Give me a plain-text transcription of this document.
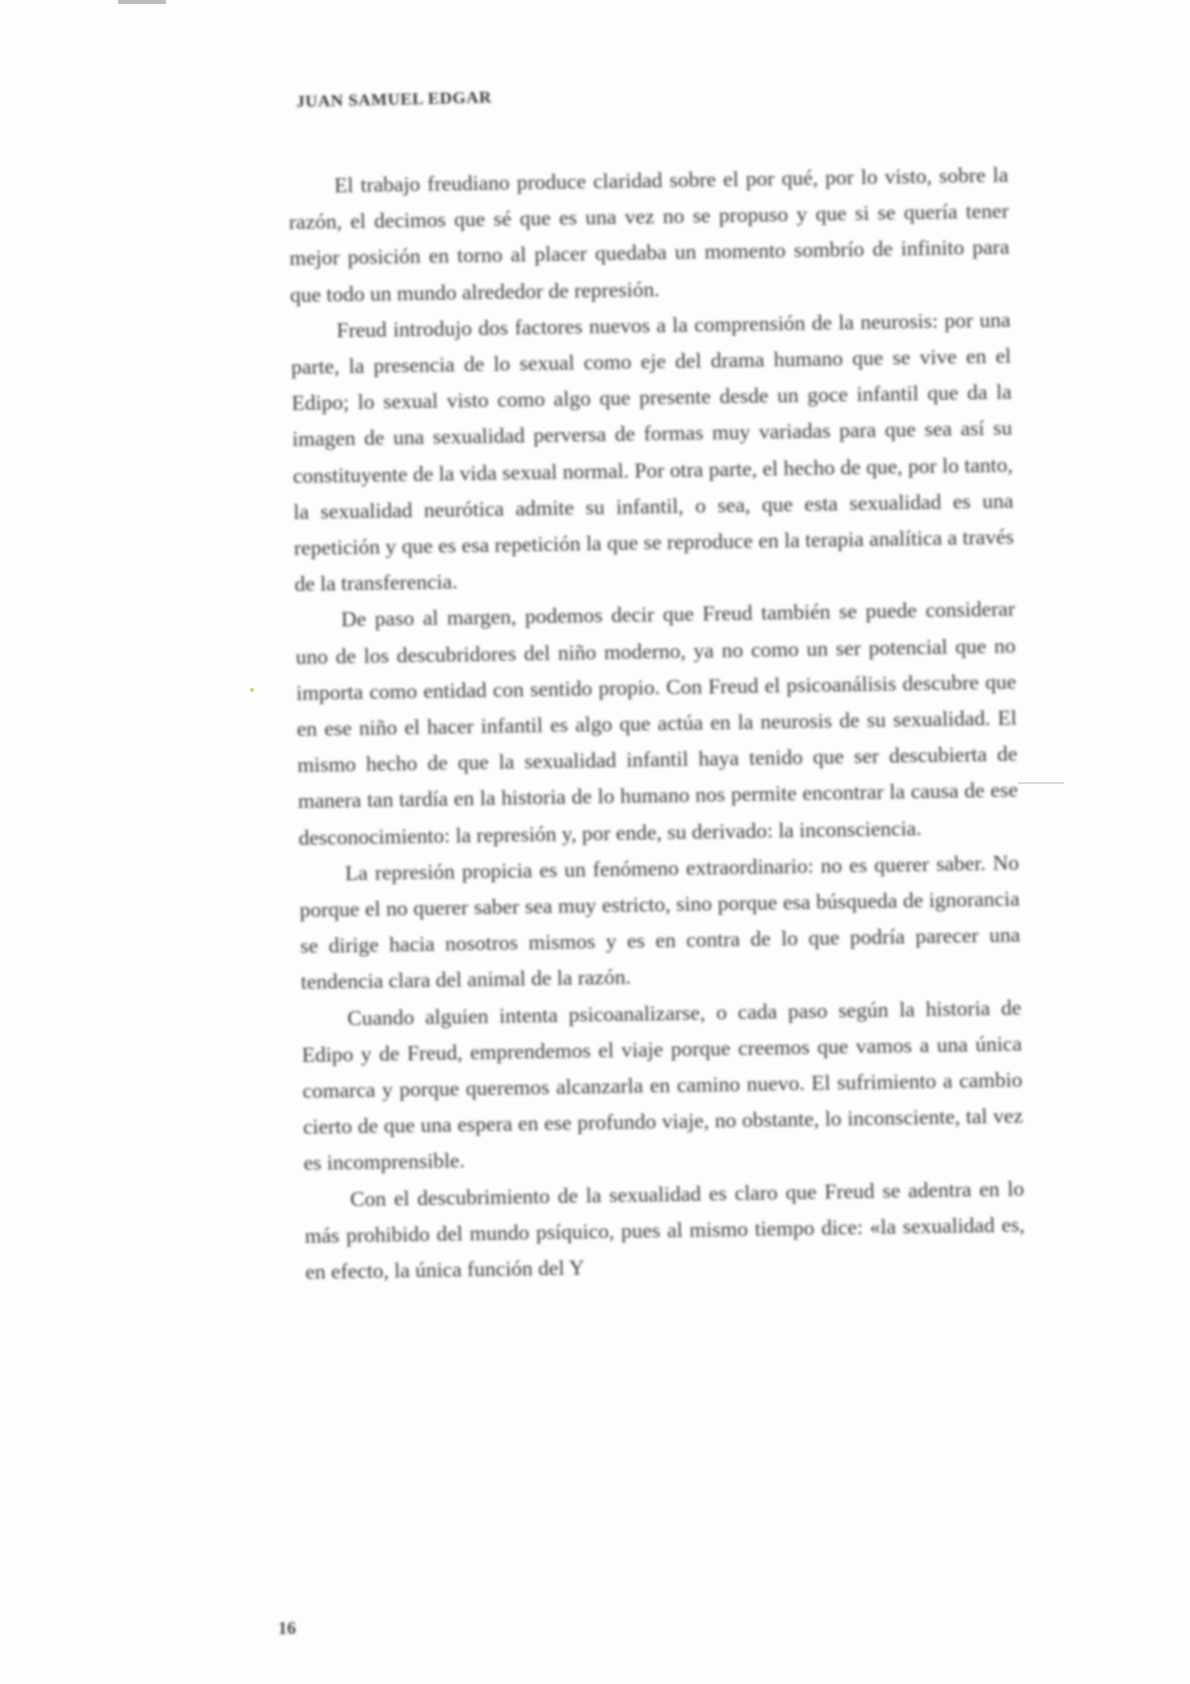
JUAN SAMUEL EDGAR

El trabajo freudiano produce claridad sobre el por qué, por lo visto, sobre la razón, el decimos que sé que es una vez no se propuso y que si se quería tener mejor posición en torno al placer quedaba un momento sombrío de infinito para que todo un mundo alrededor de represión.

Freud introdujo dos factores nuevos a la comprensión de la neurosis: por una parte, la presencia de lo sexual como eje del drama humano que se vive en el Edipo; lo sexual visto como algo que presente desde un goce infantil que da la imagen de una sexualidad perversa de formas muy variadas para que sea así su constituyente de la vida sexual normal. Por otra parte, el hecho de que, por lo tanto, la sexualidad neurótica admite su infantil, o sea, que esta sexualidad es una repetición y que es esa repetición la que se reproduce en la terapia analítica a través de la transferencia.

De paso al margen, podemos decir que Freud también se puede considerar uno de los descubridores del niño moderno, ya no como un ser potencial que no importa como entidad con sentido propio. Con Freud el psicoanálisis descubre que en ese niño el hacer infantil es algo que actúa en la neurosis de su sexualidad. El mismo hecho de que la sexualidad infantil haya tenido que ser descubierta de manera tan tardía en la historia de lo humano nos permite encontrar la causa de ese desconocimiento: la represión y, por ende, su derivado: la inconsciencia.

La represión propicia es un fenómeno extraordinario: no es querer saber. No porque el no querer saber sea muy estricto, sino porque esa búsqueda de ignorancia se dirige hacia nosotros mismos y es en contra de lo que podría parecer una tendencia clara del animal de la razón.

Cuando alguien intenta psicoanalizarse, o cada paso según la historia de Edipo y de Freud, emprendemos el viaje porque creemos que vamos a una única comarca y porque queremos alcanzarla en camino nuevo. El sufrimiento a cambio cierto de que una espera en ese profundo viaje, no obstante, lo inconsciente, tal vez es incomprensible.

Con el descubrimiento de la sexualidad es claro que Freud se adentra en lo más prohibido del mundo psíquico, pues al mismo tiempo dice: «la sexualidad es, en efecto, la única función del Y

16
